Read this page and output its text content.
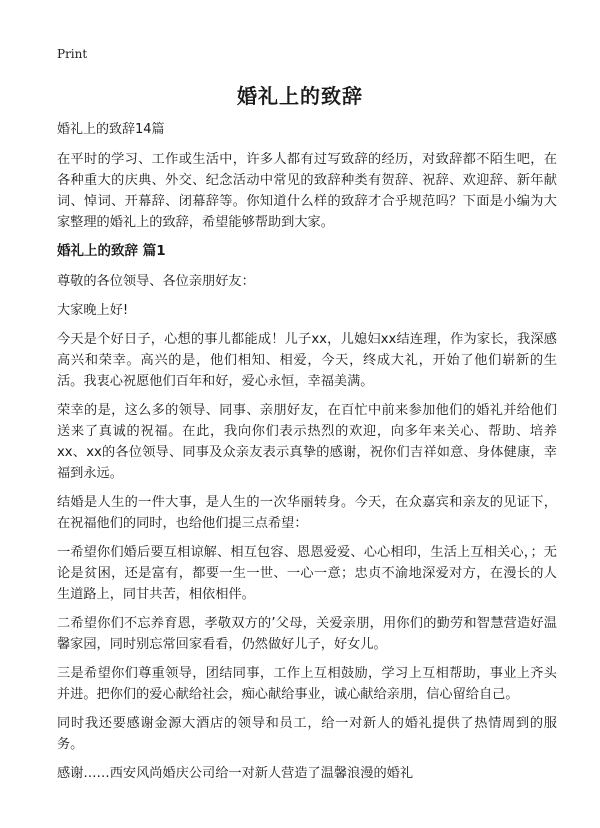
Print
婚礼上的致辞

婚礼上的致辞14篇

在平时的学习、工作或生活中，许多人都有过写致辞的经历，对致辞都不陌生吧，在各种重大的庆典、外交、纪念活动中常见的致辞种类有贺辞、祝辞、欢迎辞、新年献词、悼词、开幕辞、闭幕辞等。你知道什么样的致辞才合乎规范吗？下面是小编为大家整理的婚礼上的致辞，希望能够帮助到大家。

婚礼上的致辞 篇1

尊敬的各位领导、各位亲朋好友：

大家晚上好!

今天是个好日子，心想的事儿都能成！儿子xx，儿媳妇xx结连理，作为家长，我深感高兴和荣幸。高兴的是，他们相知、相爱，今天，终成大礼，开始了他们崭新的生活。我衷心祝愿他们百年和好，爱心永恒，幸福美满。

荣幸的是，这么多的领导、同事、亲朋好友，在百忙中前来参加他们的婚礼并给他们送来了真诚的祝福。在此，我向你们表示热烈的欢迎，向多年来关心、帮助、培养xx、xx的各位领导、同事及众亲友表示真挚的感谢，祝你们吉祥如意、身体健康，幸福到永远。

结婚是人生的一件大事，是人生的一次华丽转身。今天，在众嘉宾和亲友的见证下，在祝福他们的同时，也给他们提三点希望：

一希望你们婚后要互相谅解、相互包容、恩恩爱爱、心心相印，生活上互相关心，；无论是贫困，还是富有，都要一生一世、一心一意；忠贞不渝地深爱对方，在漫长的人生道路上，同甘共苦，相依相伴。

二希望你们不忘养育恩，孝敬双方的’父母，关爱亲朋，用你们的勤劳和智慧营造好温馨家园，同时别忘常回家看看，仍然做好儿子，好女儿。

三是希望你们尊重领导，团结同事，工作上互相鼓励，学习上互相帮助，事业上齐头并进。把你们的爱心献给社会，痴心献给事业，诚心献给亲朋，信心留给自己。

同时我还要感谢金源大酒店的领导和员工，给一对新人的婚礼提供了热情周到的服务。

感谢……西安风尚婚庆公司给一对新人营造了温馨浪漫的婚礼
